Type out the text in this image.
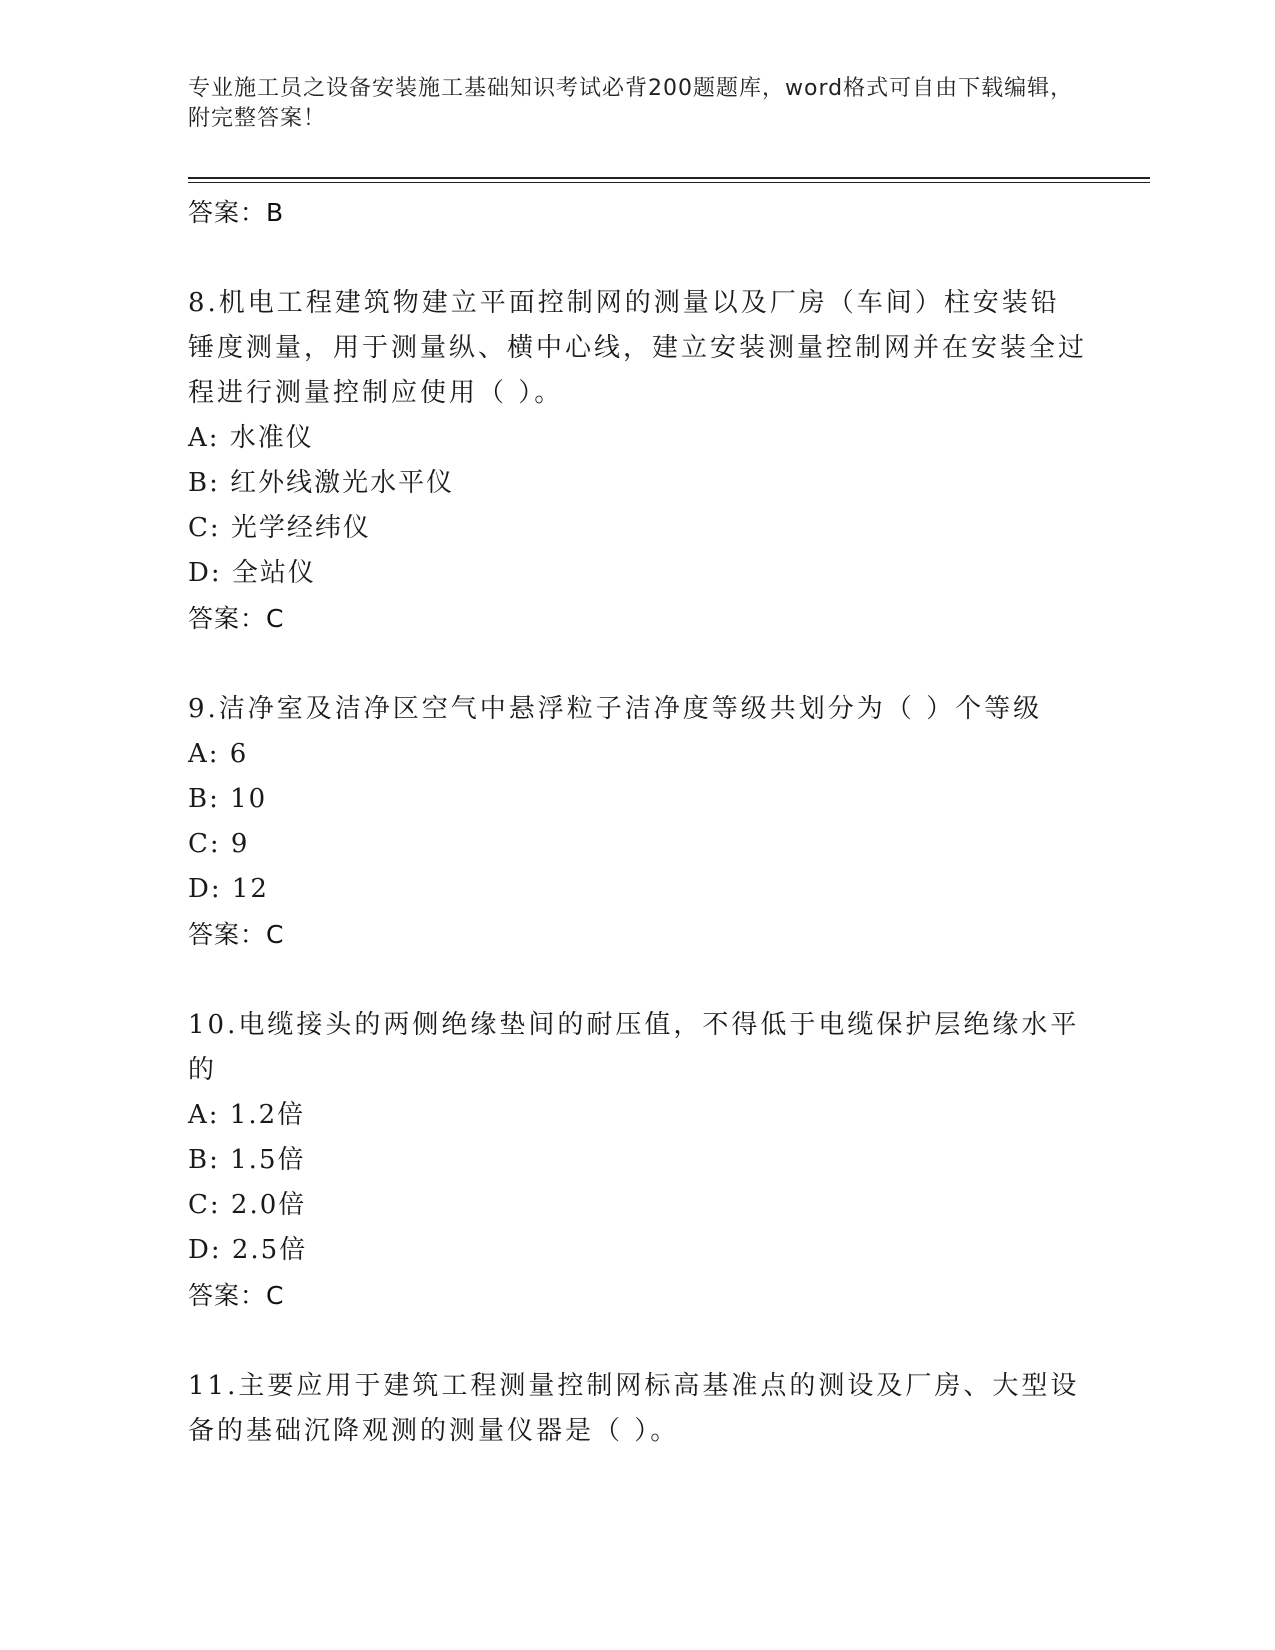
专业施工员之设备安装施工基础知识考试必背200题题库，word格式可自由下载编辑，附完整答案！
答案：B
8.机电工程建筑物建立平面控制网的测量以及厂房（车间）柱安装铅锤度测量，用于测量纵、横中心线，建立安装测量控制网并在安装全过程进行测量控制应使用（ ）。
A: 水准仪
B: 红外线激光水平仪
C: 光学经纬仪
D: 全站仪
答案：C
9.洁净室及洁净区空气中悬浮粒子洁净度等级共划分为（ ）个等级
A: 6
B: 10
C: 9
D: 12
答案：C
10.电缆接头的两侧绝缘垫间的耐压值，不得低于电缆保护层绝缘水平的
A: 1.2倍
B: 1.5倍
C: 2.0倍
D: 2.5倍
答案：C
11.主要应用于建筑工程测量控制网标高基准点的测设及厂房、大型设备的基础沉降观测的测量仪器是（ ）。
